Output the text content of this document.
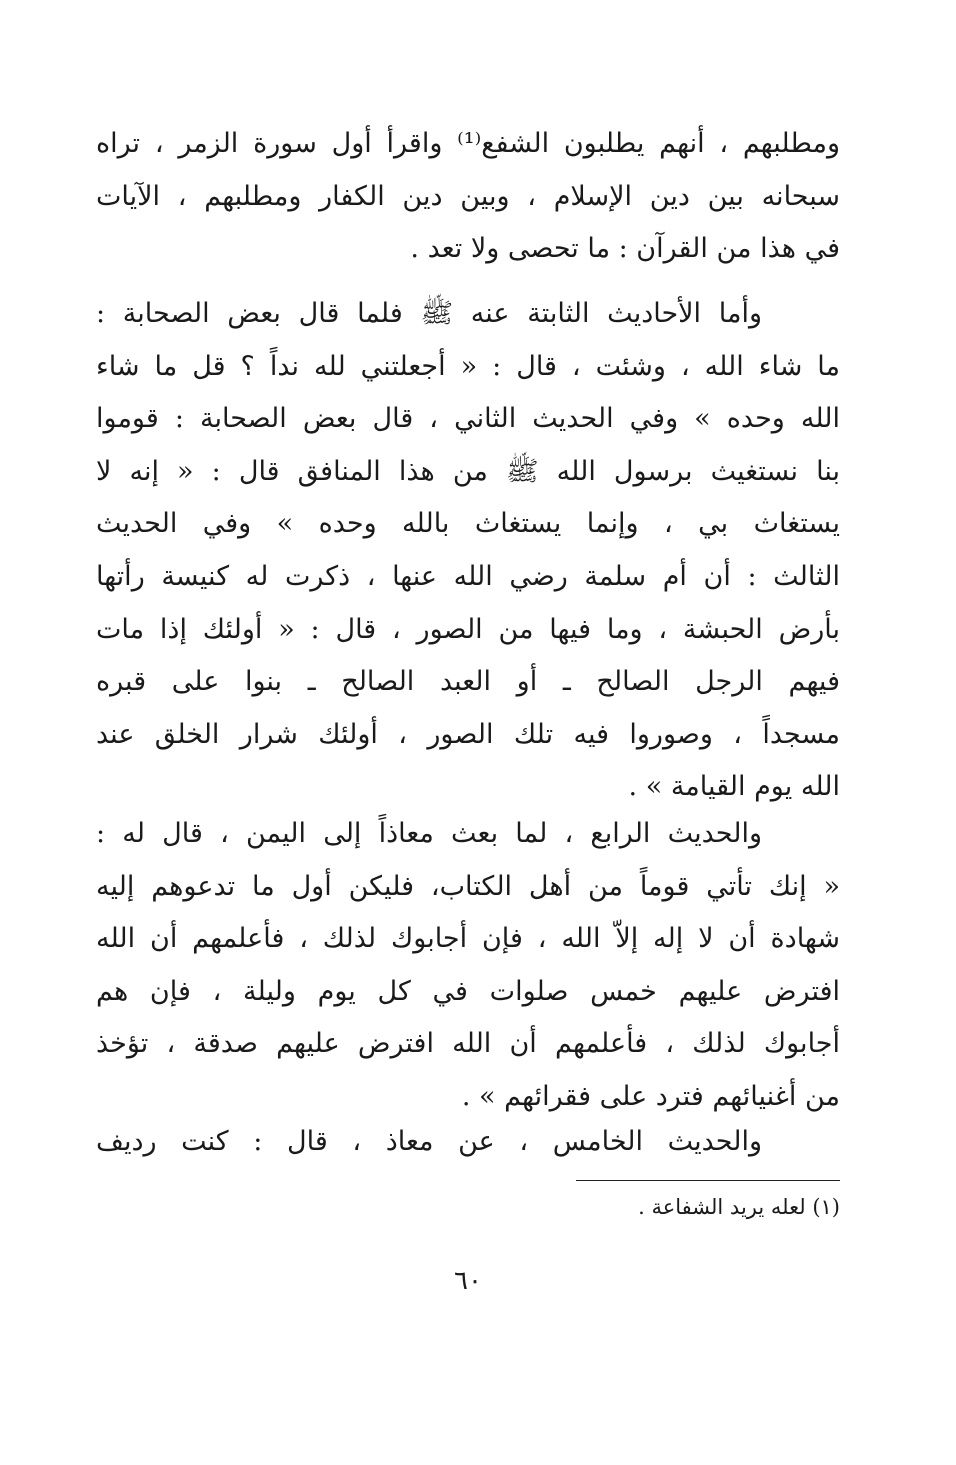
ومطلبهم ، أنهم يطلبون الشفع⁽¹⁾ واقرأ أول سورة الزمر ، تراه
سبحانه بين دين الإسلام ، وبين دين الكفار ومطلبهم ، الآيات
في هذا من القرآن : ما تحصى ولا تعد .
وأما الأحاديث الثابتة عنه ﷺ فلما قال بعض الصحابة :
ما شاء الله ، وشئت ، قال : « أجعلتني لله نداً ؟ قل ما شاء
الله وحده » وفي الحديث الثاني ، قال بعض الصحابة : قوموا
بنا نستغيث برسول الله ﷺ من هذا المنافق قال : « إنه لا
يستغاث بي ، وإنما يستغاث بالله وحده » وفي الحديث
الثالث : أن أم سلمة رضي الله عنها ، ذكرت له كنيسة رأتها
بأرض الحبشة ، وما فيها من الصور ، قال : « أولئك إذا مات
فيهم الرجل الصالح ـ أو العبد الصالح ـ بنوا على قبره
مسجداً ، وصوروا فيه تلك الصور ، أولئك شرار الخلق عند
الله يوم القيامة » .
والحديث الرابع ، لما بعث معاذاً إلى اليمن ، قال له :
« إنك تأتي قوماً من أهل الكتاب، فليكن أول ما تدعوهم إليه
شهادة أن لا إله إلاّ الله ، فإن أجابوك لذلك ، فأعلمهم أن الله
افترض عليهم خمس صلوات في كل يوم وليلة ، فإن هم
أجابوك لذلك ، فأعلمهم أن الله افترض عليهم صدقة ، تؤخذ
من أغنيائهم فترد على فقرائهم » .
والحديث الخامس ، عن معاذ ، قال : كنت رديف
(١) لعله يريد الشفاعة .
٦٠
